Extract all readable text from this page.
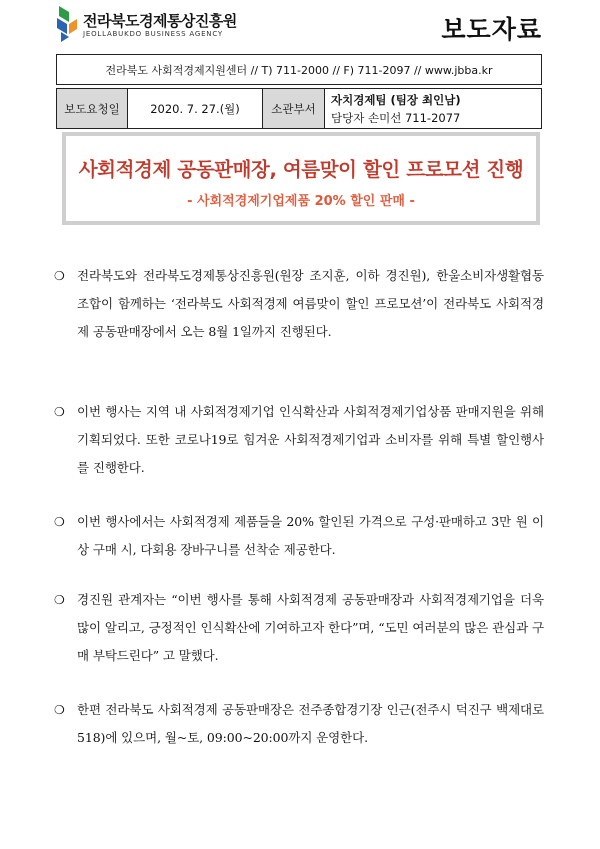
전라북도경제통상진흥원
JEOLLABUKDO BUSINESS AGENCY	보도자료
전라북도 사회적경제지원센터 // T) 711-2000 // F) 711-2097 // www.jbba.kr
보도요청일	2020. 7. 27.(월)	소관부서	
자치경제팀 (팀장 최인남)
담당자 손미선 711-2077
사회적경제 공동판매장, 여름맞이 할인 프로모션 진행
- 사회적경제기업제품 20% 할인 판매 -
❍ 전라북도와 전라북도경제통상진흥원(원장 조지훈, 이하 경진원), 한울소비자생활협동조합이 함께하는 ‘전라북도 사회적경제 여름맞이 할인 프로모션’이 전라북도 사회적경제 공동판매장에서 오는 8월 1일까지 진행된다.
❍ 이번 행사는 지역 내 사회적경제기업 인식확산과 사회적경제기업상품 판매지원을 위해 기획되었다. 또한 코로나19로 힘겨운 사회적경제기업과 소비자를 위해 특별 할인행사를 진행한다.
❍ 이번 행사에서는 사회적경제 제품들을 20% 할인된 가격으로 구성·판매하고 3만 원 이상 구매 시, 다회용 장바구니를 선착순 제공한다.
❍ 경진원 관계자는 “이번 행사를 통해 사회적경제 공동판매장과 사회적경제기업을 더욱 많이 알리고, 긍정적인 인식확산에 기여하고자 한다”며, “도민 여러분의 많은 관심과 구매 부탁드린다” 고 말했다.
❍ 한편 전라북도 사회적경제 공동판매장은 전주종합경기장 인근(전주시 덕진구 백제대로 518)에 있으며, 월~토, 09:00~20:00까지 운영한다.
